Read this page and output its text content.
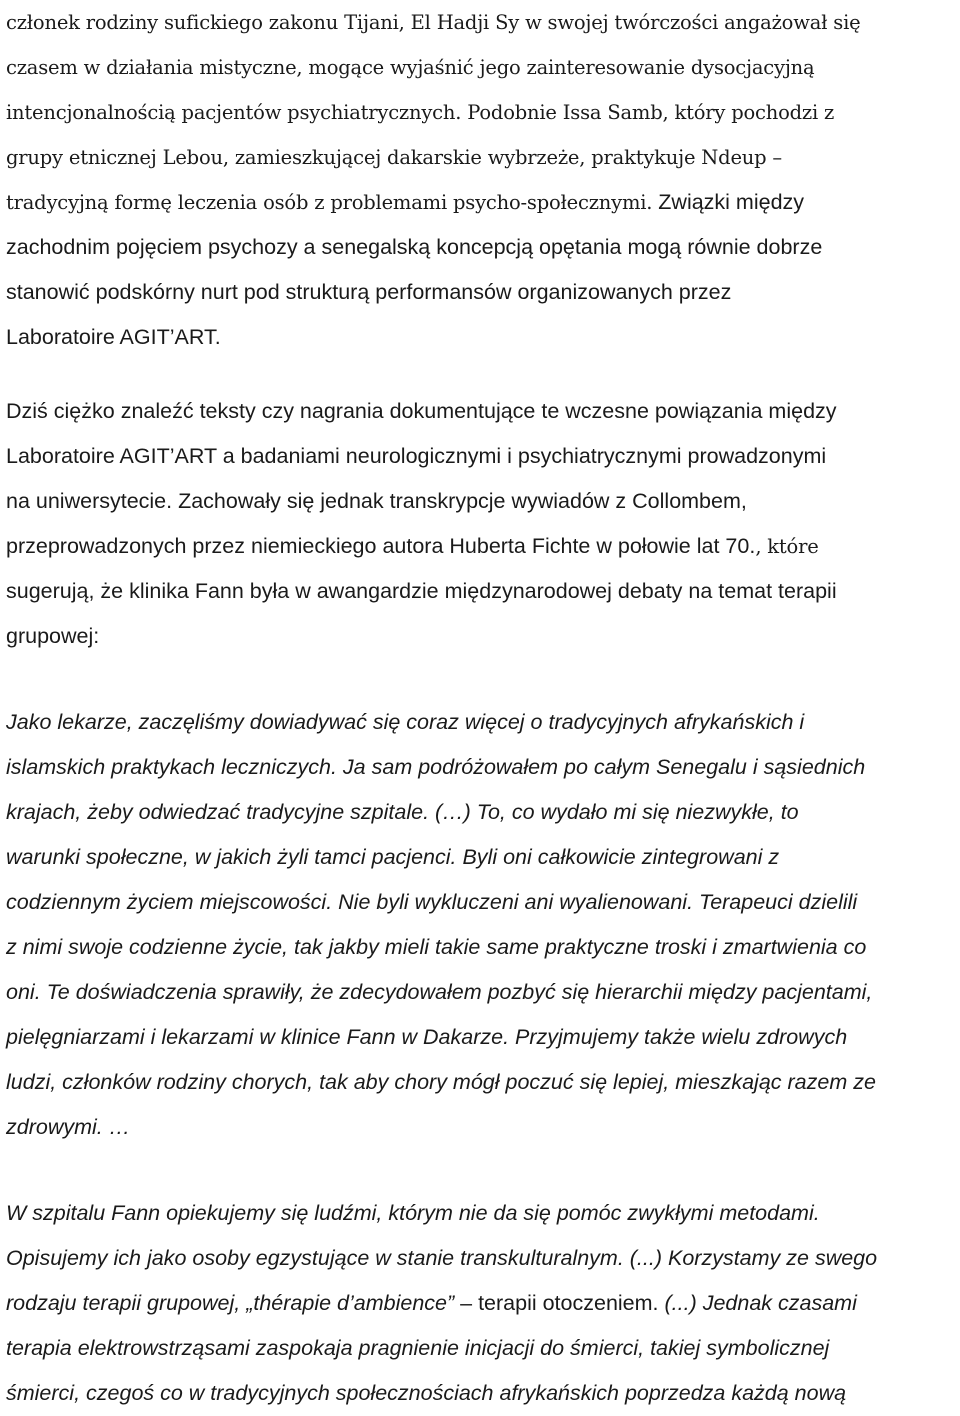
członek rodziny sufickiego zakonu Tijani, El Hadji Sy w swojej twórczości angażował się
czasem w działania mistyczne, mogące wyjaśnić jego zainteresowanie dysocjacyjną
intencjonalnością pacjentów psychiatrycznych. Podobnie Issa Samb, który pochodzi z
grupy etnicznej Lebou, zamieszkującej dakarskie wybrzeże, praktykuje Ndeup –
tradycyjną formę leczenia osób z problemami psycho-społecznymi. Związki między
zachodnim pojęciem psychozy a senegalską koncepcją opętania mogą równie dobrze
stanowić podskórny nurt pod strukturą performansów organizowanych przez
Laboratoire AGIT’ART.
Dziś ciężko znaleźć teksty czy nagrania dokumentujące te wczesne powiązania między
Laboratoire AGIT’ART a badaniami neurologicznymi i psychiatrycznymi prowadzonymi
na uniwersytecie. Zachowały się jednak transkrypcje wywiadów z Collombem,
przeprowadzonych przez niemieckiego autora Huberta Fichte w połowie lat 70., które
sugerują, że klinika Fann była w awangardzie międzynarodowej debaty na temat terapii
grupowej:
Jako lekarze, zaczęliśmy dowiadywać się coraz więcej o tradycyjnych afrykańskich i
islamskich praktykach leczniczych. Ja sam podróżowałem po całym Senegalu i sąsiednich
krajach, żeby odwiedzać tradycyjne szpitale. (…) To, co wydało mi się niezwykłe, to
warunki społeczne, w jakich żyli tamci pacjenci. Byli oni całkowicie zintegrowani z
codziennym życiem miejscowości. Nie byli wykluczeni ani wyalienowani. Terapeuci dzielili
z nimi swoje codzienne życie, tak jakby mieli takie same praktyczne troski i zmartwienia co
oni. Te doświadczenia sprawiły, że zdecydowałem pozbyć się hierarchii między pacjentami,
pielęgniarzami i lekarzami w klinice Fann w Dakarze. Przyjmujemy także wielu zdrowych
ludzi, członków rodziny chorych, tak aby chory mógł poczuć się lepiej, mieszkając razem ze
zdrowymi. …
W szpitalu Fann opiekujemy się ludźmi, którym nie da się pomóc zwykłymi metodami.
Opisujemy ich jako osoby egzystujące w stanie transkulturalnym. (...) Korzystamy ze swego
rodzaju terapii grupowej, „thérapie d’ambience” – terapii otoczeniem. (...) Jednak czasami
terapia elektrowstrząsami zaspokaja pragnienie inicjacji do śmierci, takiej symbolicznej
śmierci, czegoś co w tradycyjnych społecznościach afrykańskich poprzedza każdą nową
